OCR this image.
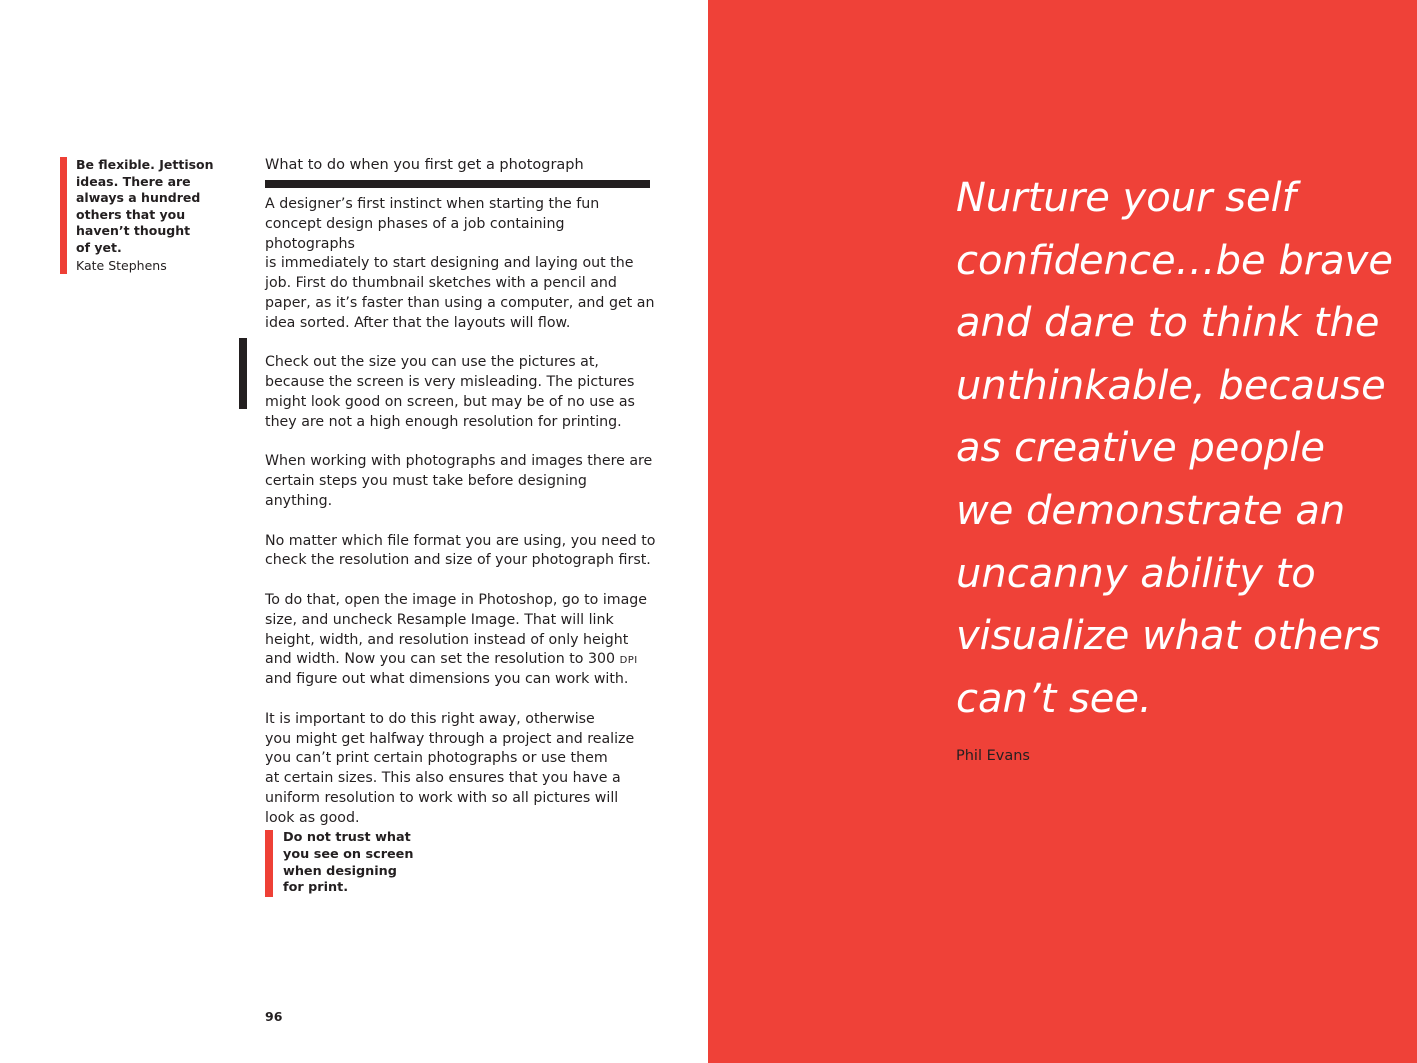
Be flexible. Jettison
ideas. There are
always a hundred
others that you
haven’t thought
of yet.
Kate Stephens
What to do when you first get a photograph

A designer’s first instinct when starting the fun
concept design phases of a job containing photographs
is immediately to start designing and laying out the
job. First do thumbnail sketches with a pencil and
paper, as it’s faster than using a computer, and get an
idea sorted. After that the layouts will flow.

Check out the size you can use the pictures at,
because the screen is very misleading. The pictures
might look good on screen, but may be of no use as
they are not a high enough resolution for printing.

When working with photographs and images there are
certain steps you must take before designing anything.

No matter which file format you are using, you need to
check the resolution and size of your photograph first.

To do that, open the image in Photoshop, go to image
size, and uncheck Resample Image. That will link
height, width, and resolution instead of only height
and width. Now you can set the resolution to 300 dpi
and figure out what dimensions you can work with.

It is important to do this right away, otherwise
you might get halfway through a project and realize
you can’t print certain photographs or use them
at certain sizes. This also ensures that you have a
uniform resolution to work with so all pictures will
look as good.

Do not trust what
you see on screen
when designing
for print.
96
Nurture your self
confidence…be brave
and dare to think the
unthinkable, because
as creative people
we demonstrate an
uncanny ability to
visualize what others
can’t see.
Phil Evans
